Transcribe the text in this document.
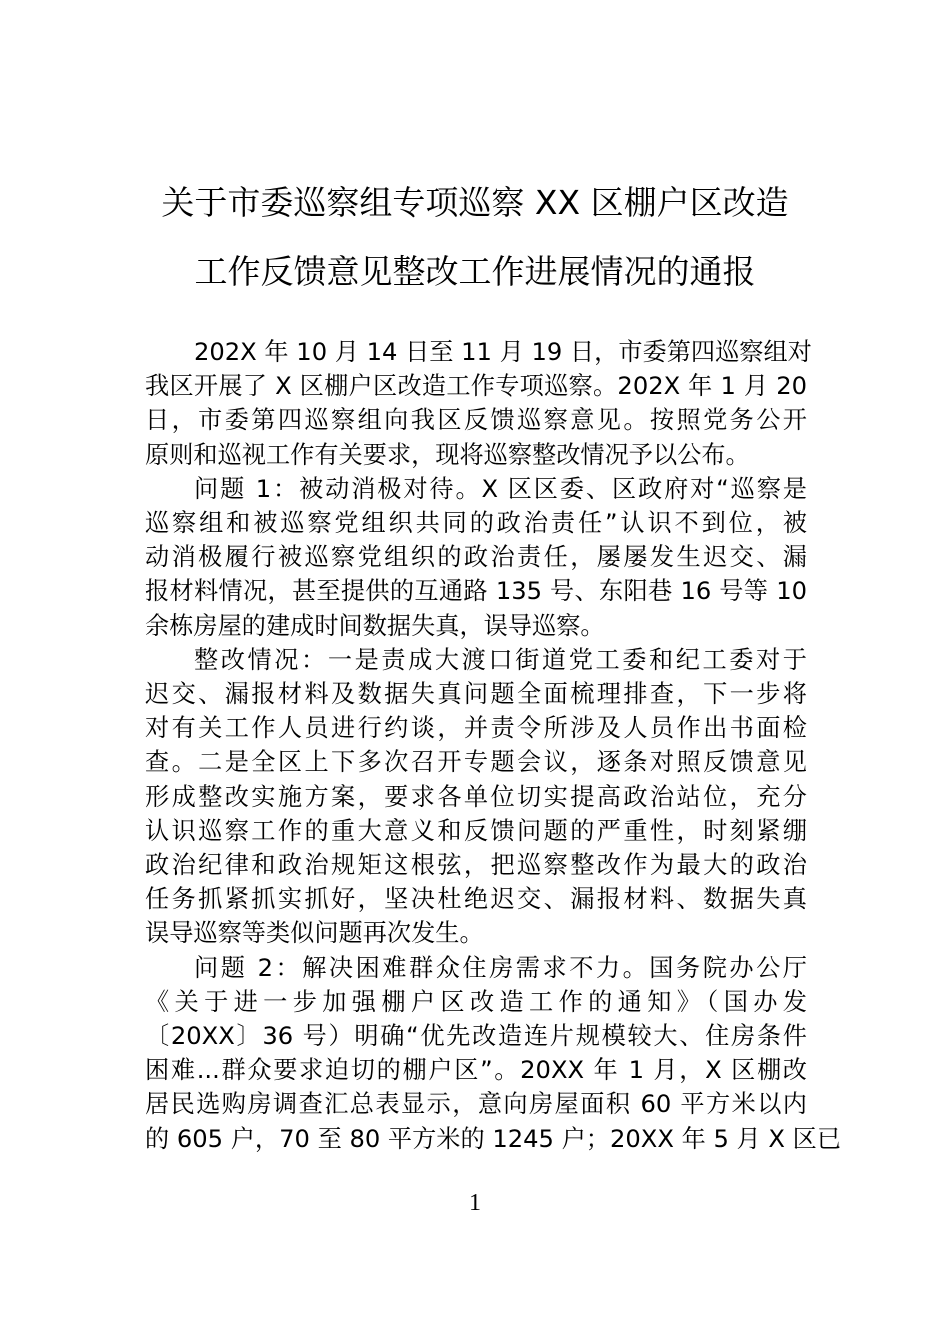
关于市委巡察组专项巡察 XX 区棚户区改造
工作反馈意见整改工作进展情况的通报
202X 年 10 月 14 日至 11 月 19 日，市委第四巡察组对
我区开展了 X 区棚户区改造工作专项巡察。202X 年 1 月 20
日，市委第四巡察组向我区反馈巡察意见。按照党务公开
原则和巡视工作有关要求，现将巡察整改情况予以公布。
问题 1：被动消极对待。X 区区委、区政府对“巡察是
巡察组和被巡察党组织共同的政治责任”认识不到位，被
动消极履行被巡察党组织的政治责任，屡屡发生迟交、漏
报材料情况，甚至提供的互通路 135 号、东阳巷 16 号等 10
余栋房屋的建成时间数据失真，误导巡察。
整改情况：一是责成大渡口街道党工委和纪工委对于
迟交、漏报材料及数据失真问题全面梳理排查，下一步将
对有关工作人员进行约谈，并责令所涉及人员作出书面检
查。二是全区上下多次召开专题会议，逐条对照反馈意见
形成整改实施方案，要求各单位切实提高政治站位，充分
认识巡察工作的重大意义和反馈问题的严重性，时刻紧绷
政治纪律和政治规矩这根弦，把巡察整改作为最大的政治
任务抓紧抓实抓好，坚决杜绝迟交、漏报材料、数据失真
误导巡察等类似问题再次发生。
问题 2：解决困难群众住房需求不力。国务院办公厅
《关于进一步加强棚户区改造工作的通知》（国办发
〔20XX〕36 号）明确“优先改造连片规模较大、住房条件
困难...群众要求迫切的棚户区”。20XX 年 1 月，X 区棚改
居民选购房调查汇总表显示，意向房屋面积 60 平方米以内
的 605 户，70 至 80 平方米的 1245 户；20XX 年 5 月 X 区已
1
